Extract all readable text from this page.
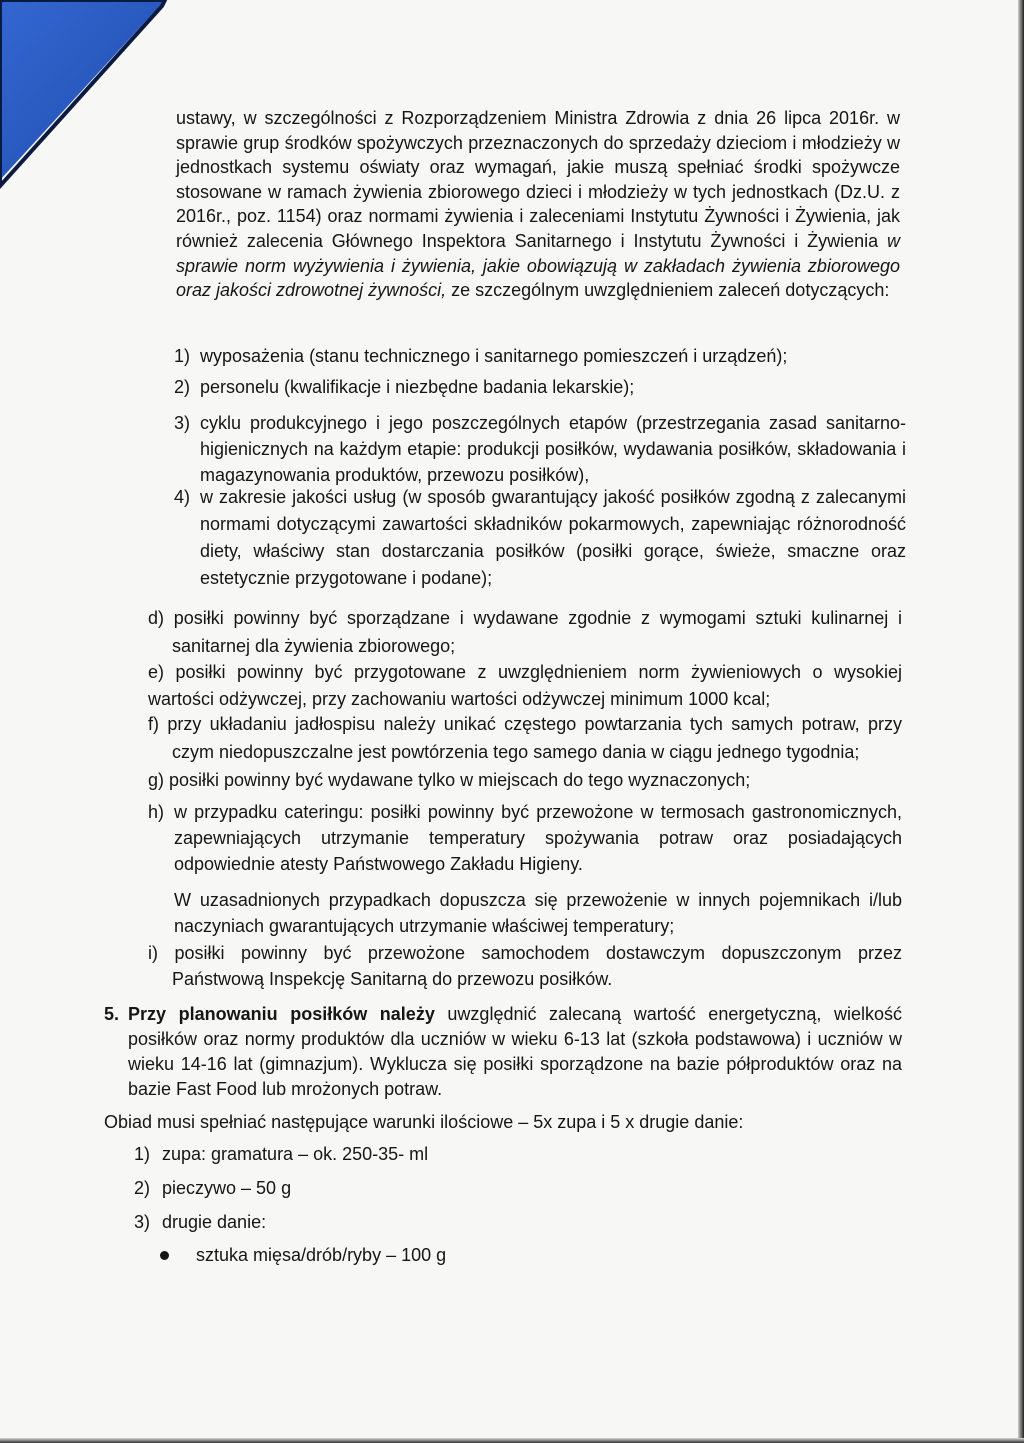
ustawy, w szczególności z Rozporządzeniem Ministra Zdrowia z dnia 26 lipca 2016r. w sprawie grup środków spożywczych przeznaczonych do sprzedaży dzieciom i młodzieży w jednostkach systemu oświaty oraz wymagań, jakie muszą spełniać środki spożywcze stosowane w ramach żywienia zbiorowego dzieci i młodzieży w tych jednostkach (Dz.U. z 2016r., poz. 1154) oraz normami żywienia i zaleceniami Instytutu Żywności i Żywienia, jak również zalecenia Głównego Inspektora Sanitarnego i Instytutu Żywności i Żywienia w sprawie norm wyżywienia i żywienia, jakie obowiązują w zakładach żywienia zbiorowego oraz jakości zdrowotnej żywności, ze szczególnym uwzględnieniem zaleceń dotyczących:
1) wyposażenia (stanu technicznego i sanitarnego pomieszczeń i urządzeń);
2) personelu (kwalifikacje i niezbędne badania lekarskie);
3) cyklu produkcyjnego i jego poszczególnych etapów (przestrzegania zasad sanitarno-higienicznych na każdym etapie: produkcji posiłków, wydawania posiłków, składowania i magazynowania produktów, przewozu posiłków),
4) w zakresie jakości usług (w sposób gwarantujący jakość posiłków zgodną z zalecanymi normami dotyczącymi zawartości składników pokarmowych, zapewniając różnorodność diety, właściwy stan dostarczania posiłków (posiłki gorące, świeże, smaczne oraz estetycznie przygotowane i podane);
d) posiłki powinny być sporządzane i wydawane zgodnie z wymogami sztuki kulinarnej i sanitarnej dla żywienia zbiorowego;
e) posiłki powinny być przygotowane z uwzględnieniem norm żywieniowych o wysokiej wartości odżywczej, przy zachowaniu wartości odżywczej minimum 1000 kcal;
f) przy układaniu jadłospisu należy unikać częstego powtarzania tych samych potraw, przy czym niedopuszczalne jest powtórzenia tego samego dania w ciągu jednego tygodnia;
g) posiłki powinny być wydawane tylko w miejscach do tego wyznaczonych;
h) w przypadku cateringu: posiłki powinny być przewożone w termosach gastronomicznych, zapewniających utrzymanie temperatury spożywania potraw oraz posiadających odpowiednie atesty Państwowego Zakładu Higieny.
W uzasadnionych przypadkach dopuszcza się przewożenie w innych pojemnikach i/lub naczyniach gwarantujących utrzymanie właściwej temperatury;
i) posiłki powinny być przewożone samochodem dostawczym dopuszczonym przez Państwową Inspekcję Sanitarną do przewozu posiłków.
5. Przy planowaniu posiłków należy uwzględnić zalecaną wartość energetyczną, wielkość posiłków oraz normy produktów dla uczniów w wieku 6-13 lat (szkoła podstawowa) i uczniów w wieku 14-16 lat (gimnazjum). Wyklucza się posiłki sporządzone na bazie półproduktów oraz na bazie Fast Food lub mrożonych potraw.
Obiad musi spełniać następujące warunki ilościowe – 5x zupa i 5 x drugie danie:
1) zupa: gramatura – ok. 250-35- ml
2) pieczywo – 50 g
3) drugie danie:
sztuka mięsa/drób/ryby – 100 g
